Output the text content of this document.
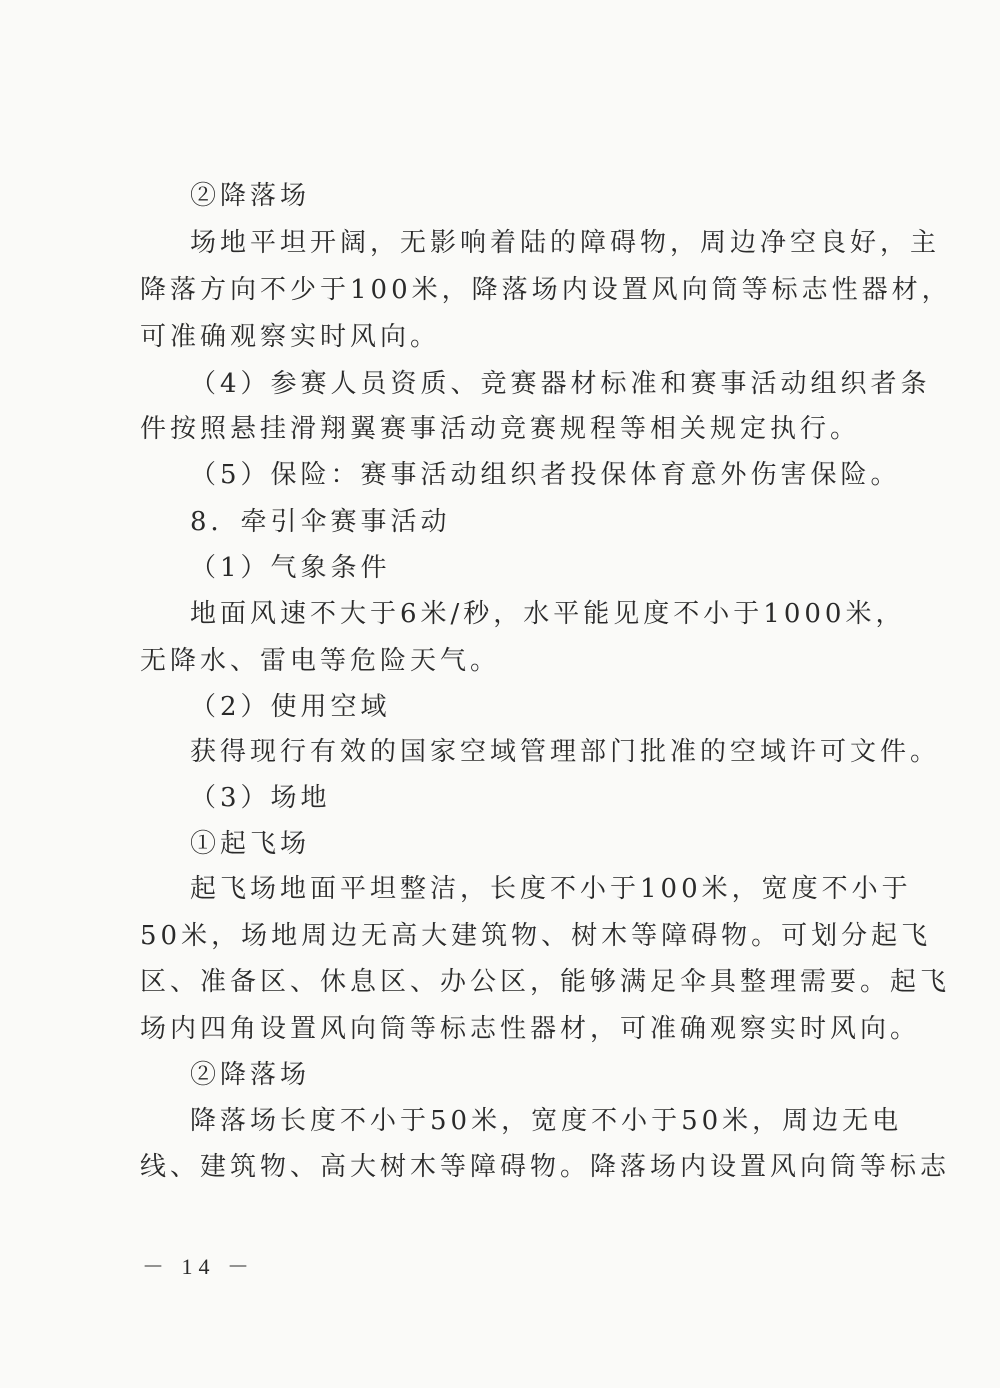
②降落场
场地平坦开阔，无影响着陆的障碍物，周边净空良好，主
降落方向不少于100米，降落场内设置风向筒等标志性器材，
可准确观察实时风向。
（4）参赛人员资质、竞赛器材标准和赛事活动组织者条
件按照悬挂滑翔翼赛事活动竞赛规程等相关规定执行。
（5）保险：赛事活动组织者投保体育意外伤害保险。
8．牵引伞赛事活动
（1）气象条件
地面风速不大于6米/秒，水平能见度不小于1000米，
无降水、雷电等危险天气。
（2）使用空域
获得现行有效的国家空域管理部门批准的空域许可文件。
（3）场地
①起飞场
起飞场地面平坦整洁，长度不小于100米，宽度不小于
50米，场地周边无高大建筑物、树木等障碍物。可划分起飞
区、准备区、休息区、办公区，能够满足伞具整理需要。起飞
场内四角设置风向筒等标志性器材，可准确观察实时风向。
②降落场
降落场长度不小于50米，宽度不小于50米，周边无电
线、建筑物、高大树木等障碍物。降落场内设置风向筒等标志
－ 14 －
